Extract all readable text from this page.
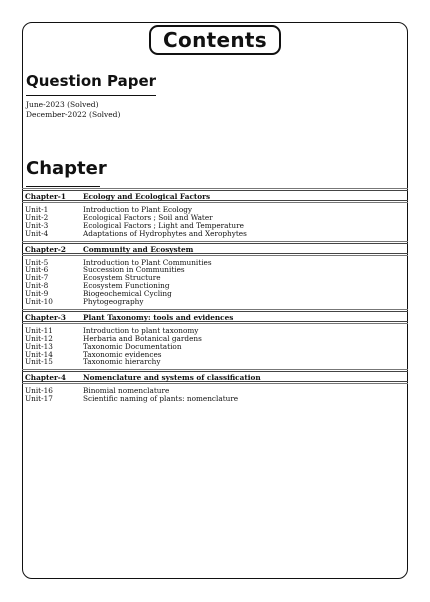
Contents
Question Paper
June-2023 (Solved)
December-2022 (Solved)
Chapter
Chapter-1 Ecology and Ecological Factors
Unit-1	Introduction to Plant Ecology
Unit-2	Ecological Factors ; Soil and Water
Unit-3	Ecological Factors ; Light and Temperature
Unit-4	Adaptations of Hydrophytes and Xerophytes
Chapter-2 Community and Ecosystem
Unit-5	Introduction to Plant Communities
Unit-6	Succession in Communities
Unit-7	Ecosystem Structure
Unit-8	Ecosystem Functioning
Unit-9	Biogeochemical Cycling
Unit-10	Phytogeography
Chapter-3 Plant Taxonomy: tools and evidences
Unit-11	Introduction to plant taxonomy
Unit-12	Herbaria and Botanical gardens
Unit-13	Taxonomic Documentation
Unit-14	Taxonomic evidences
Unit-15	Taxonomic hierarchy
Chapter-4 Nomenclature and systems of classification
Unit-16	Binomial nomenclature
Unit-17	Scientific naming of plants: nomenclature
